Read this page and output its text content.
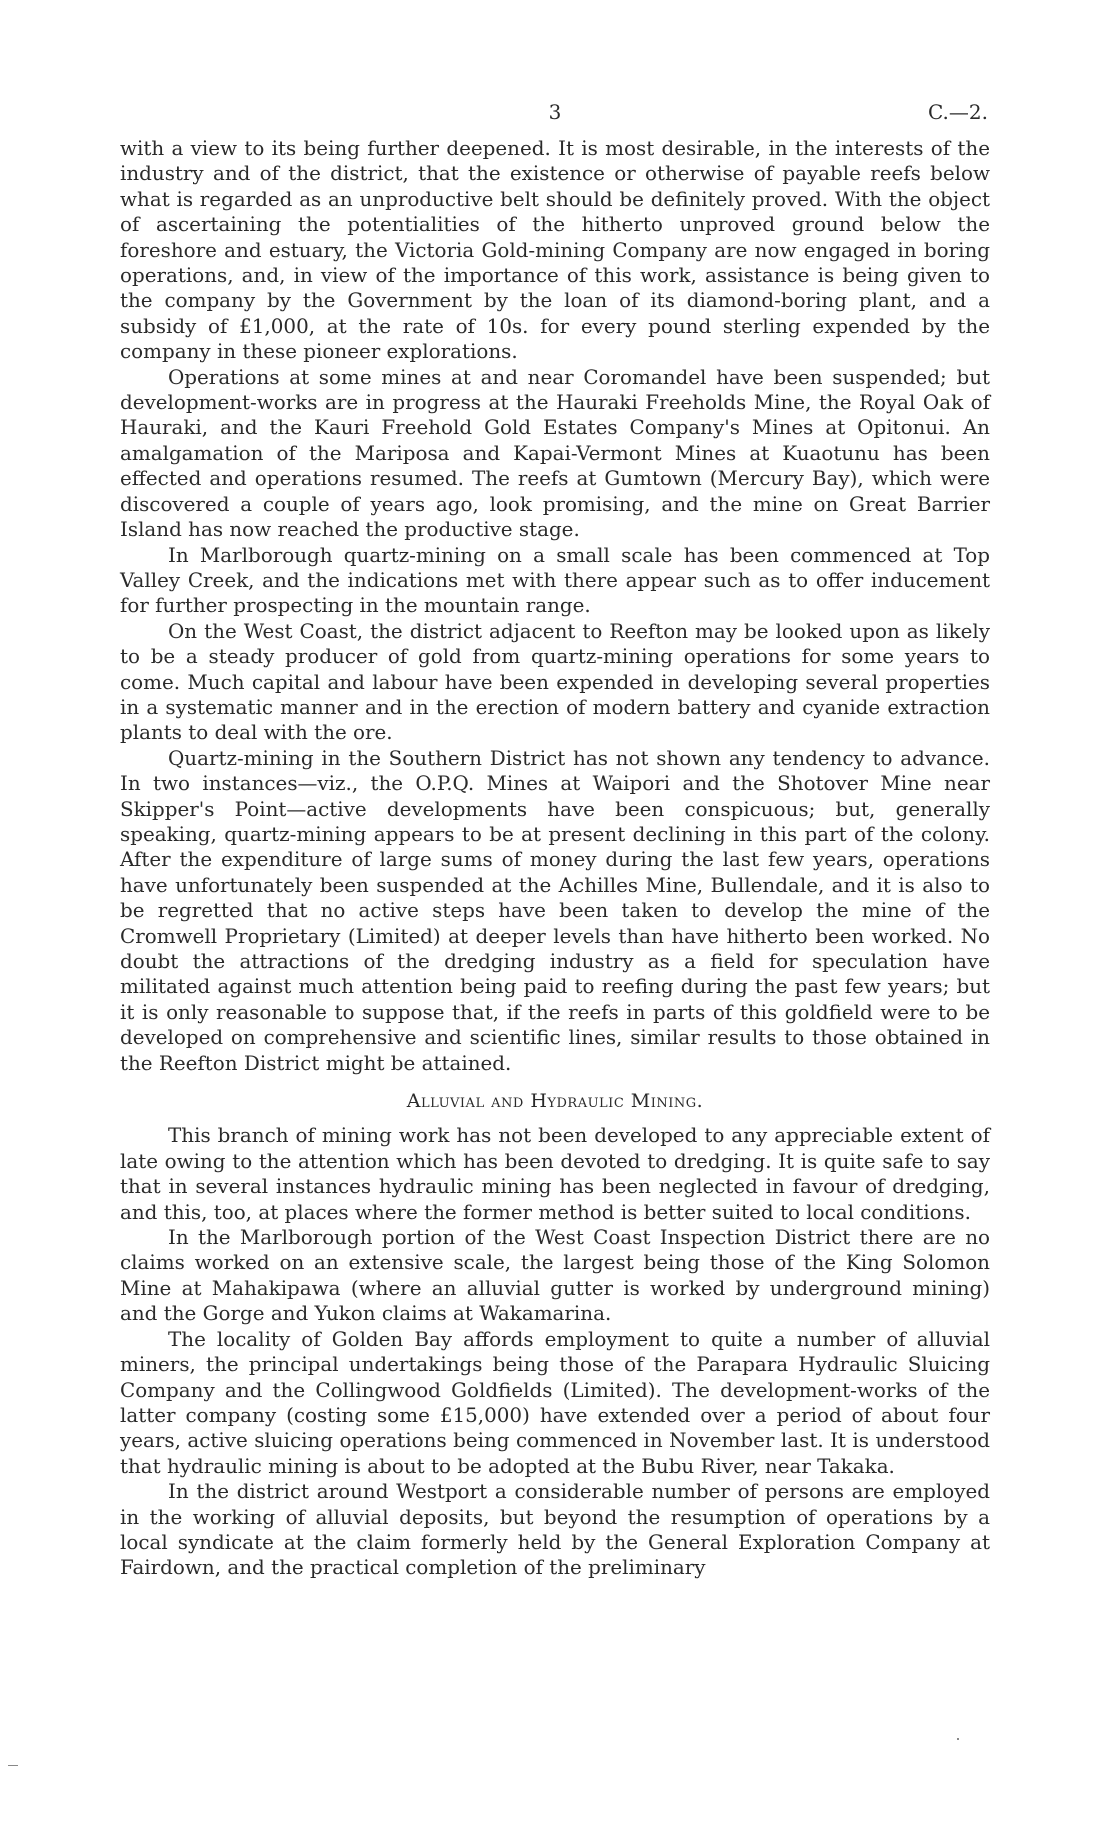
3	C.—2.

with a view to its being further deepened. It is most desirable, in the interests of the industry and of the district, that the existence or otherwise of payable reefs below what is regarded as an unproductive belt should be definitely proved. With the object of ascertaining the potentialities of the hitherto unproved ground below the foreshore and estuary, the Victoria Gold-mining Company are now engaged in boring operations, and, in view of the importance of this work, assistance is being given to the company by the Government by the loan of its diamond-boring plant, and a subsidy of £1,000, at the rate of 10s. for every pound sterling expended by the company in these pioneer explorations.

Operations at some mines at and near Coromandel have been suspended; but development-works are in progress at the Hauraki Freeholds Mine, the Royal Oak of Hauraki, and the Kauri Freehold Gold Estates Company's Mines at Opitonui. An amalgamation of the Mariposa and Kapai-Vermont Mines at Kuaotunu has been effected and operations resumed. The reefs at Gumtown (Mercury Bay), which were discovered a couple of years ago, look promising, and the mine on Great Barrier Island has now reached the productive stage.

In Marlborough quartz-mining on a small scale has been commenced at Top Valley Creek, and the indications met with there appear such as to offer inducement for further prospecting in the mountain range.

On the West Coast, the district adjacent to Reefton may be looked upon as likely to be a steady producer of gold from quartz-mining operations for some years to come. Much capital and labour have been expended in developing several properties in a systematic manner and in the erection of modern battery and cyanide extraction plants to deal with the ore.

Quartz-mining in the Southern District has not shown any tendency to advance. In two instances—viz., the O.P.Q. Mines at Waipori and the Shotover Mine near Skipper's Point—active developments have been conspicuous; but, generally speaking, quartz-mining appears to be at present declining in this part of the colony. After the expenditure of large sums of money during the last few years, operations have unfortunately been suspended at the Achilles Mine, Bullendale, and it is also to be regretted that no active steps have been taken to develop the mine of the Cromwell Proprietary (Limited) at deeper levels than have hitherto been worked. No doubt the attractions of the dredging industry as a field for speculation have militated against much attention being paid to reefing during the past few years; but it is only reasonable to suppose that, if the reefs in parts of this goldfield were to be developed on comprehensive and scientific lines, similar results to those obtained in the Reefton District might be attained.

Alluvial and Hydraulic Mining.

This branch of mining work has not been developed to any appreciable extent of late owing to the attention which has been devoted to dredging. It is quite safe to say that in several instances hydraulic mining has been neglected in favour of dredging, and this, too, at places where the former method is better suited to local conditions.

In the Marlborough portion of the West Coast Inspection District there are no claims worked on an extensive scale, the largest being those of the King Solomon Mine at Mahakipawa (where an alluvial gutter is worked by underground mining) and the Gorge and Yukon claims at Wakamarina.

The locality of Golden Bay affords employment to quite a number of alluvial miners, the principal undertakings being those of the Parapara Hydraulic Sluicing Company and the Collingwood Goldfields (Limited). The development-works of the latter company (costing some £15,000) have extended over a period of about four years, active sluicing operations being commenced in November last. It is understood that hydraulic mining is about to be adopted at the Bubu River, near Takaka.

In the district around Westport a considerable number of persons are employed in the working of alluvial deposits, but beyond the resumption of operations by a local syndicate at the claim formerly held by the General Exploration Company at Fairdown, and the practical completion of the preliminary
